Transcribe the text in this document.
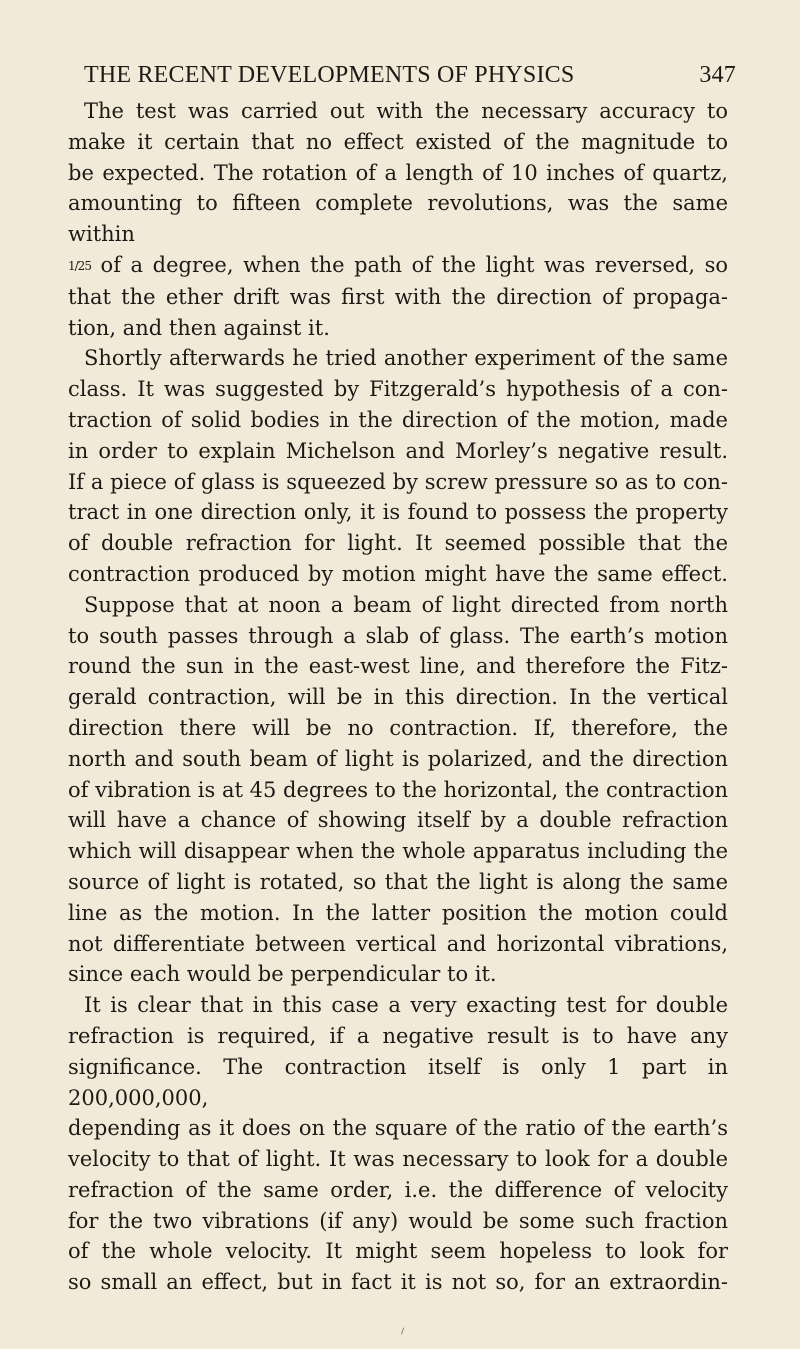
THE RECENT DEVELOPMENTS OF PHYSICS	347
The test was carried out with the necessary accuracy to
make it certain that no effect existed of the magnitude to
be expected. The rotation of a length of 10 inches of quartz,
amounting to fifteen complete revolutions, was the same within
1/25 of a degree, when the path of the light was reversed, so
that the ether drift was first with the direction of propaga-
tion, and then against it.
Shortly afterwards he tried another experiment of the same
class. It was suggested by Fitzgerald’s hypothesis of a con-
traction of solid bodies in the direction of the motion, made
in order to explain Michelson and Morley’s negative result.
If a piece of glass is squeezed by screw pressure so as to con-
tract in one direction only, it is found to possess the property
of double refraction for light. It seemed possible that the
contraction produced by motion might have the same effect.
Suppose that at noon a beam of light directed from north
to south passes through a slab of glass. The earth’s motion
round the sun in the east-west line, and therefore the Fitz-
gerald contraction, will be in this direction. In the vertical
direction there will be no contraction. If, therefore, the
north and south beam of light is polarized, and the direction
of vibration is at 45 degrees to the horizontal, the contraction
will have a chance of showing itself by a double refraction
which will disappear when the whole apparatus including the
source of light is rotated, so that the light is along the same
line as the motion. In the latter position the motion could
not differentiate between vertical and horizontal vibrations,
since each would be perpendicular to it.
It is clear that in this case a very exacting test for double
refraction is required, if a negative result is to have any
significance. The contraction itself is only 1 part in 200,000,000,
depending as it does on the square of the ratio of the earth’s
velocity to that of light. It was necessary to look for a double
refraction of the same order, i.e. the difference of velocity
for the two vibrations (if any) would be some such fraction
of the whole velocity. It might seem hopeless to look for
so small an effect, but in fact it is not so, for an extraordin-
